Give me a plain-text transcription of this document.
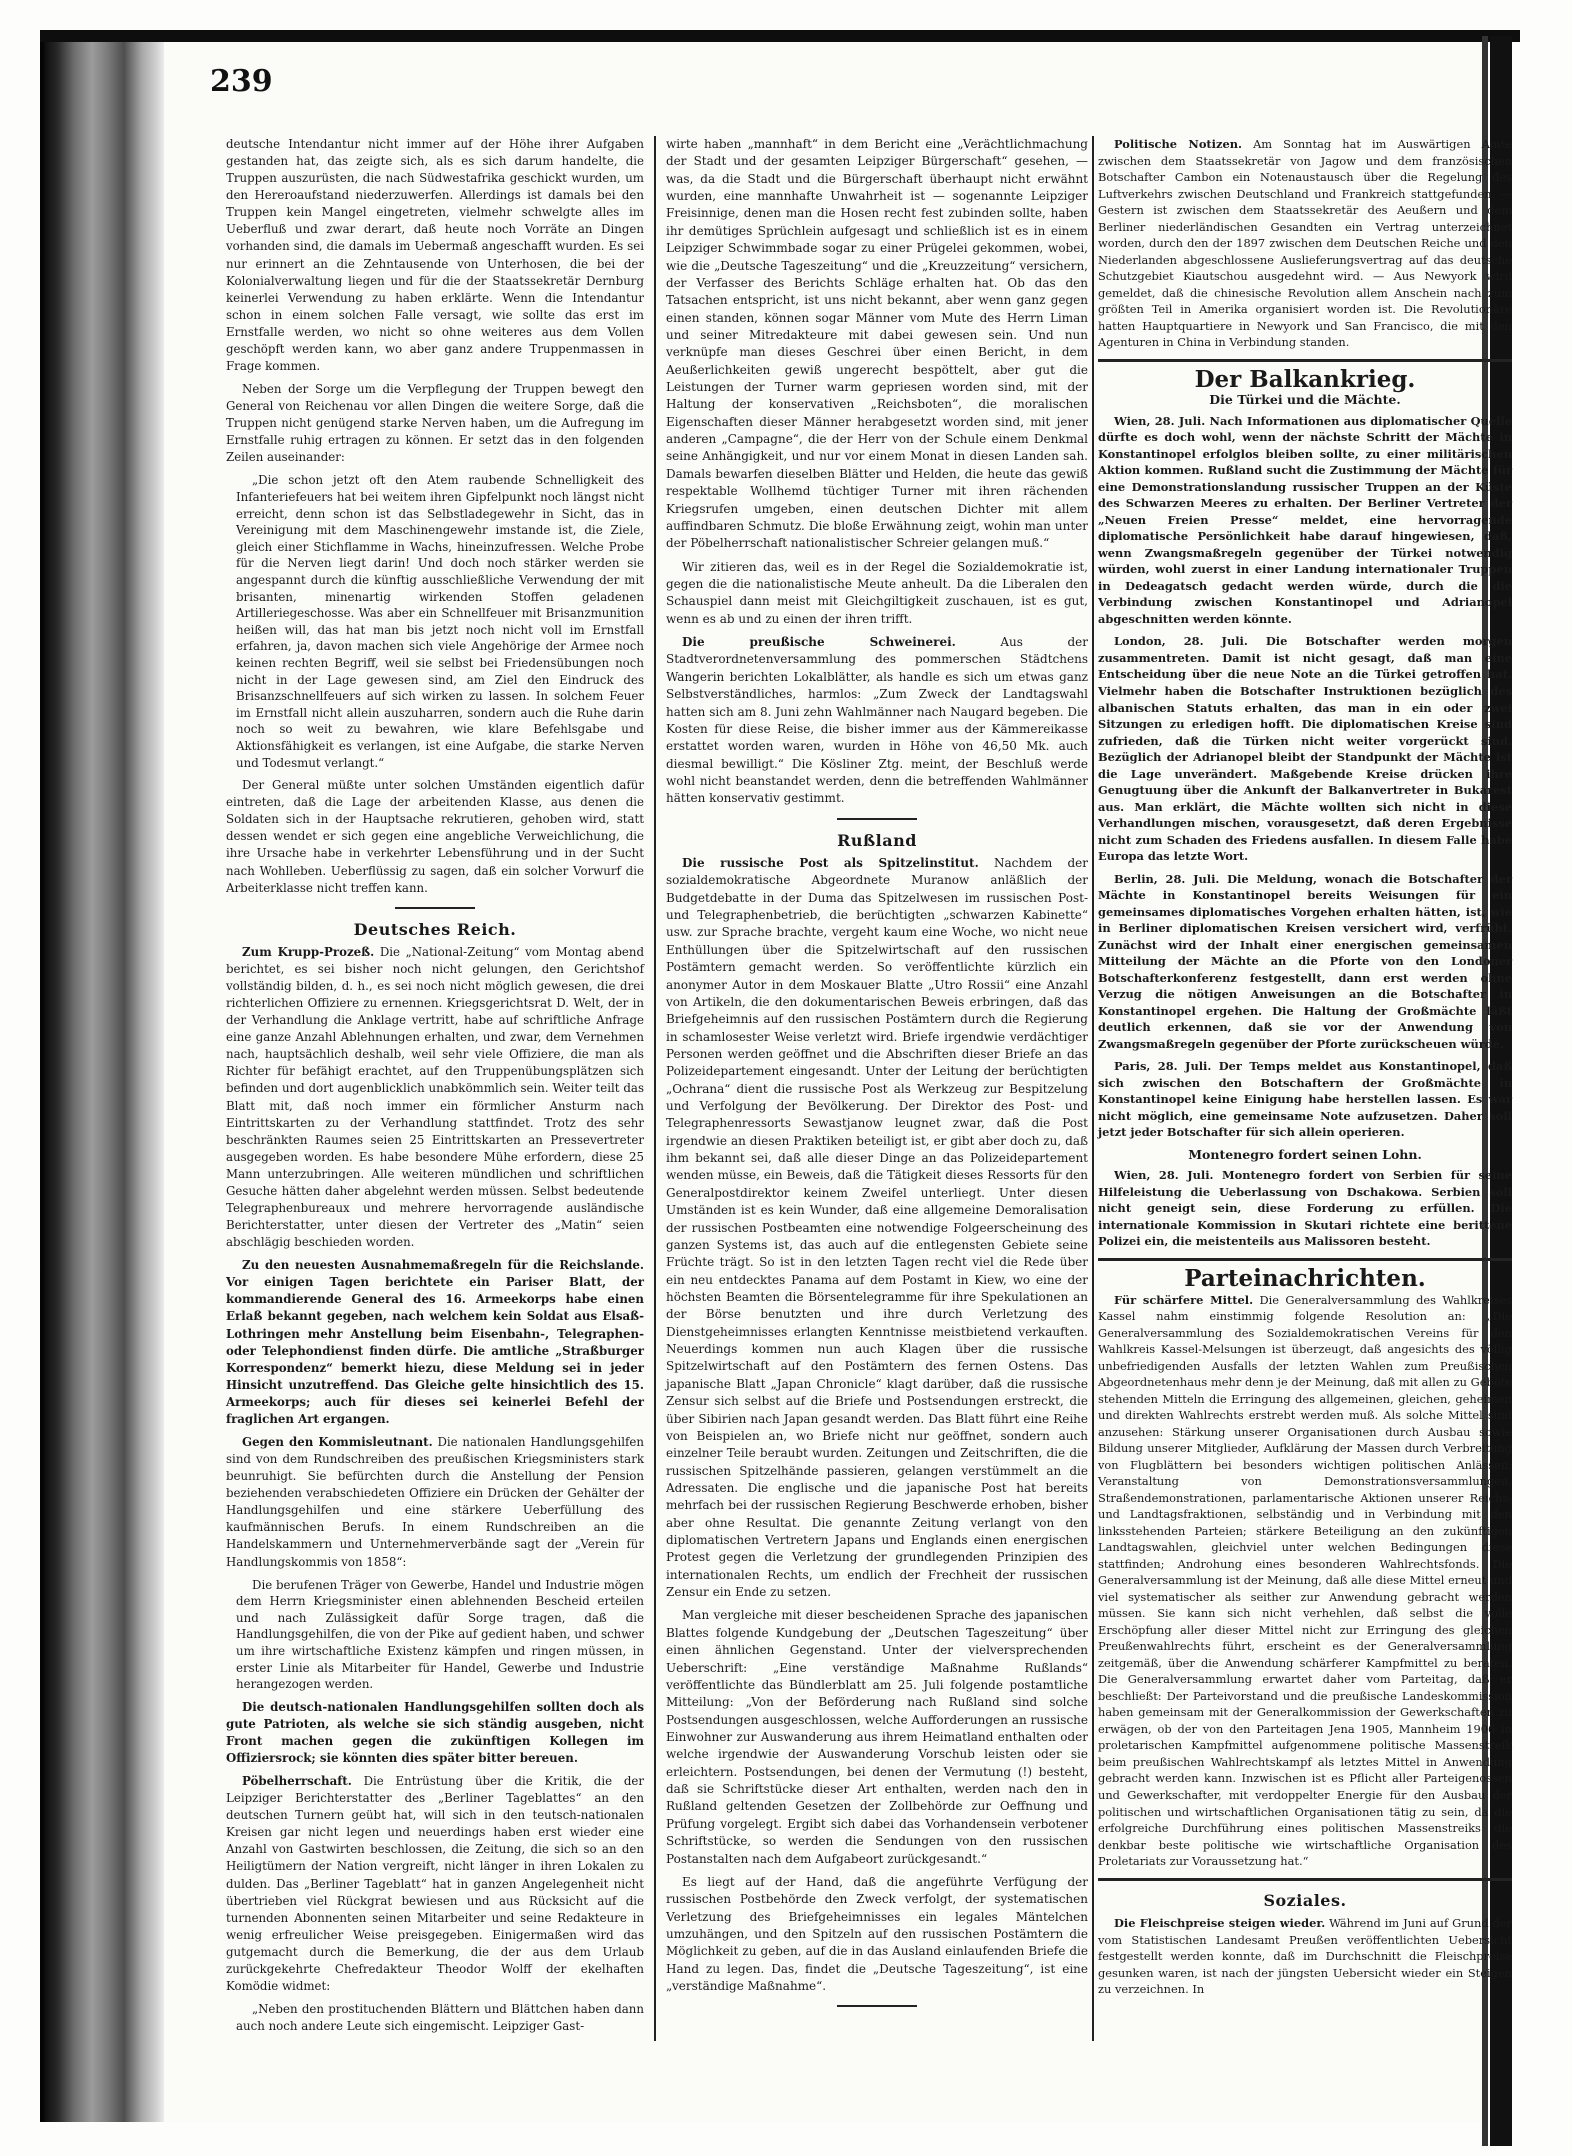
239

deutsche Intendantur nicht immer auf der Höhe ihrer Aufgaben gestanden hat, das zeigte sich, als es sich darum handelte, die Truppen auszurüsten, die nach Südwestafrika geschickt wurden, um den Hereroaufstand niederzuwerfen. Allerdings ist damals bei den Truppen kein Mangel eingetreten, vielmehr schwelgte alles im Ueberfluß und zwar derart, daß heute noch Vorräte an Dingen vorhanden sind, die damals im Uebermaß angeschafft wurden. Es sei nur erinnert an die Zehntausende von Unterhosen, die bei der Kolonialverwaltung liegen und für die der Staatssekretär Dernburg keinerlei Verwendung zu haben erklärte. Wenn die Intendantur schon in einem solchen Falle versagt, wie sollte das erst im Ernstfalle werden, wo nicht so ohne weiteres aus dem Vollen geschöpft werden kann, wo aber ganz andere Truppenmassen in Frage kommen.

Neben der Sorge um die Verpflegung der Truppen bewegt den General von Reichenau vor allen Dingen die weitere Sorge, daß die Truppen nicht genügend starke Nerven haben, um die Aufregung im Ernstfalle ruhig ertragen zu können. Er setzt das in den folgenden Zeilen auseinander:

„Die schon jetzt oft den Atem raubende Schnelligkeit des Infanteriefeuers hat bei weitem ihren Gipfelpunkt noch längst nicht erreicht, denn schon ist das Selbstladegewehr in Sicht, das in Vereinigung mit dem Maschinengewehr imstande ist, die Ziele, gleich einer Stichflamme in Wachs, hineinzufressen. Welche Probe für die Nerven liegt darin! Und doch noch stärker werden sie angespannt durch die künftig ausschließliche Verwendung der mit brisanten, minenartig wirkenden Stoffen geladenen Artilleriegeschosse. Was aber ein Schnellfeuer mit Brisanzmunition heißen will, das hat man bis jetzt noch nicht voll im Ernstfall erfahren, ja, davon machen sich viele Angehörige der Armee noch keinen rechten Begriff, weil sie selbst bei Friedensübungen noch nicht in der Lage gewesen sind, am Ziel den Eindruck des Brisanzschnellfeuers auf sich wirken zu lassen. In solchem Feuer im Ernstfall nicht allein auszuharren, sondern auch die Ruhe darin noch so weit zu bewahren, wie klare Befehlsgabe und Aktionsfähigkeit es verlangen, ist eine Aufgabe, die starke Nerven und Todesmut verlangt.“

Der General müßte unter solchen Umständen eigentlich dafür eintreten, daß die Lage der arbeitenden Klasse, aus denen die Soldaten sich in der Hauptsache rekrutieren, gehoben wird, statt dessen wendet er sich gegen eine angebliche Verweichlichung, die ihre Ursache habe in verkehrter Lebensführung und in der Sucht nach Wohlleben. Ueberflüssig zu sagen, daß ein solcher Vorwurf die Arbeiterklasse nicht treffen kann.

Deutsches Reich.

Zum Krupp-Prozeß. Die „National-Zeitung“ vom Montag abend berichtet, es sei bisher noch nicht gelungen, den Gerichtshof vollständig bilden, d. h., es sei noch nicht möglich gewesen, die drei richterlichen Offiziere zu ernennen. Kriegsgerichtsrat D. Welt, der in der Verhandlung die Anklage vertritt, habe auf schriftliche Anfrage eine ganze Anzahl Ablehnungen erhalten, und zwar, dem Vernehmen nach, hauptsächlich deshalb, weil sehr viele Offiziere, die man als Richter für befähigt erachtet, auf den Truppenübungsplätzen sich befinden und dort augenblicklich unabkömmlich sein. Weiter teilt das Blatt mit, daß noch immer ein förmlicher Ansturm nach Eintrittskarten zu der Verhandlung stattfindet. Trotz des sehr beschränkten Raumes seien 25 Eintrittskarten an Pressevertreter ausgegeben worden. Es habe besondere Mühe erfordern, diese 25 Mann unterzubringen. Alle weiteren mündlichen und schriftlichen Gesuche hätten daher abgelehnt werden müssen. Selbst bedeutende Telegraphenbureaux und mehrere hervorragende ausländische Berichterstatter, unter diesen der Vertreter des „Matin“ seien abschlägig beschieden worden.

Zu den neuesten Ausnahmemaßregeln für die Reichslande. Vor einigen Tagen berichtete ein Pariser Blatt, der kommandierende General des 16. Armeekorps habe einen Erlaß bekannt gegeben, nach welchem kein Soldat aus Elsaß-Lothringen mehr Anstellung beim Eisenbahn-, Telegraphen- oder Telephondienst finden dürfe. Die amtliche „Straßburger Korrespondenz“ bemerkt hiezu, diese Meldung sei in jeder Hinsicht unzutreffend. Das Gleiche gelte hinsichtlich des 15. Armeekorps; auch für dieses sei keinerlei Befehl der fraglichen Art ergangen.

Gegen den Kommisleutnant. Die nationalen Handlungsgehilfen sind von dem Rundschreiben des preußischen Kriegsministers stark beunruhigt. Sie befürchten durch die Anstellung der Pension beziehenden verabschiedeten Offiziere ein Drücken der Gehälter der Handlungsgehilfen und eine stärkere Ueberfüllung des kaufmännischen Berufs. In einem Rundschreiben an die Handelskammern und Unternehmerverbände sagt der „Verein für Handlungskommis von 1858“:

Die berufenen Träger von Gewerbe, Handel und Industrie mögen dem Herrn Kriegsminister einen ablehnenden Bescheid erteilen und nach Zulässigkeit dafür Sorge tragen, daß die Handlungsgehilfen, die von der Pike auf gedient haben, und schwer um ihre wirtschaftliche Existenz kämpfen und ringen müssen, in erster Linie als Mitarbeiter für Handel, Gewerbe und Industrie herangezogen werden.

Die deutsch-nationalen Handlungsgehilfen sollten doch als gute Patrioten, als welche sie sich ständig ausgeben, nicht Front machen gegen die zukünftigen Kollegen im Offiziersrock; sie könnten dies später bitter bereuen.

Pöbelherrschaft. Die Entrüstung über die Kritik, die der Leipziger Berichterstatter des „Berliner Tageblattes“ an den deutschen Turnern geübt hat, will sich in den teutsch-nationalen Kreisen gar nicht legen und neuerdings haben erst wieder eine Anzahl von Gastwirten beschlossen, die Zeitung, die sich so an den Heiligtümern der Nation vergreift, nicht länger in ihren Lokalen zu dulden. Das „Berliner Tageblatt“ hat in ganzen Angelegenheit nicht übertrieben viel Rückgrat bewiesen und aus Rücksicht auf die turnenden Abonnenten seinen Mitarbeiter und seine Redakteure in wenig erfreulicher Weise preisgegeben. Einigermaßen wird das gutgemacht durch die Bemerkung, die der aus dem Urlaub zurückgekehrte Chefredakteur Theodor Wolff der ekelhaften Komödie widmet:

„Neben den prostituchenden Blättern und Blättchen haben dann auch noch andere Leute sich eingemischt. Leipziger Gast-

wirte haben „mannhaft“ in dem Bericht eine „Verächtlichmachung der Stadt und der gesamten Leipziger Bürgerschaft“ gesehen, — was, da die Stadt und die Bürgerschaft überhaupt nicht erwähnt wurden, eine mannhafte Unwahrheit ist — sogenannte Leipziger Freisinnige, denen man die Hosen recht fest zubinden sollte, haben ihr demütiges Sprüchlein aufgesagt und schließlich ist es in einem Leipziger Schwimmbade sogar zu einer Prügelei gekommen, wobei, wie die „Deutsche Tageszeitung“ und die „Kreuzzeitung“ versichern, der Verfasser des Berichts Schläge erhalten hat. Ob das den Tatsachen entspricht, ist uns nicht bekannt, aber wenn ganz gegen einen standen, können sogar Männer vom Mute des Herrn Liman und seiner Mitredakteure mit dabei gewesen sein. Und nun verknüpfe man dieses Geschrei über einen Bericht, in dem Aeußerlichkeiten gewiß ungerecht bespöttelt, aber gut die Leistungen der Turner warm gepriesen worden sind, mit der Haltung der konservativen „Reichsboten“, die moralischen Eigenschaften dieser Männer herabgesetzt worden sind, mit jener anderen „Campagne“, die der Herr von der Schule einem Denkmal seine Anhängigkeit, und nur vor einem Monat in diesen Landen sah. Damals bewarfen dieselben Blätter und Helden, die heute das gewiß respektable Wollhemd tüchtiger Turner mit ihren rächenden Kriegsrufen umgeben, einen deutschen Dichter mit allem auffindbaren Schmutz. Die bloße Erwähnung zeigt, wohin man unter der Pöbelherrschaft nationalistischer Schreier gelangen muß.“

Wir zitieren das, weil es in der Regel die Sozialdemokratie ist, gegen die die nationalistische Meute anheult. Da die Liberalen den Schauspiel dann meist mit Gleichgiltigkeit zuschauen, ist es gut, wenn es ab und zu einen der ihren trifft.

Die preußische Schweinerei.	Aus der Stadtverordnetenversammlung des pommerschen Städtchens Wangerin berichten Lokalblätter, als handle es sich um etwas ganz Selbstverständliches, harmlos: „Zum Zweck der Landtagswahl hatten sich am 8. Juni zehn Wahlmänner nach Naugard begeben. Die Kosten für diese Reise, die bisher immer aus der Kämmereikasse erstattet worden waren, wurden in Höhe von 46,50 Mk. auch diesmal bewilligt.“ Die Kösliner Ztg. meint, der Beschluß werde wohl nicht beanstandet werden, denn die betreffenden Wahlmänner hätten konservativ gestimmt.

Rußland

Die russische Post als Spitzelinstitut. Nachdem der sozialdemokratische Abgeordnete Muranow anläßlich der Budgetdebatte in der Duma das Spitzelwesen im russischen Post- und Telegraphenbetrieb, die berüchtigten „schwarzen Kabinette“ usw. zur Sprache brachte, vergeht kaum eine Woche, wo nicht neue Enthüllungen über die Spitzelwirtschaft auf den russischen Postämtern gemacht werden. So veröffentlichte kürzlich ein anonymer Autor in dem Moskauer Blatte „Utro Rossii“ eine Anzahl von Artikeln, die den dokumentarischen Beweis erbringen, daß das Briefgeheimnis auf den russischen Postämtern durch die Regierung in schamlosester Weise verletzt wird. Briefe irgendwie verdächtiger Personen werden geöffnet und die Abschriften dieser Briefe an das Polizeidepartement eingesandt. Unter der Leitung der berüchtigten „Ochrana“ dient die russische Post als Werkzeug zur Bespitzelung und Verfolgung der Bevölkerung. Der Direktor des Post- und Telegraphenressorts Sewastjanow leugnet zwar, daß die Post irgendwie an diesen Praktiken beteiligt ist, er gibt aber doch zu, daß ihm bekannt sei, daß alle dieser Dinge an das Polizeidepartement wenden müsse, ein Beweis, daß die Tätigkeit dieses Ressorts für den Generalpostdirektor keinem Zweifel unterliegt. Unter diesen Umständen ist es kein Wunder, daß eine allgemeine Demoralisation der russischen Postbeamten eine notwendige Folgeerscheinung des ganzen Systems ist, das auch auf die entlegensten Gebiete seine Früchte trägt. So ist in den letzten Tagen recht viel die Rede über ein neu entdecktes Panama auf dem Postamt in Kiew, wo eine der höchsten Beamten die Börsentelegramme für ihre Spekulationen an der Börse benutzten und ihre durch Verletzung des Dienstgeheimnisses erlangten Kenntnisse meistbietend verkauften. Neuerdings kommen nun auch Klagen über die russische Spitzelwirtschaft auf den Postämtern des fernen Ostens. Das japanische Blatt „Japan Chronicle“ klagt darüber, daß die russische Zensur sich selbst auf die Briefe und Postsendungen erstreckt, die über Sibirien nach Japan gesandt werden. Das Blatt führt eine Reihe von Beispielen an, wo Briefe nicht nur geöffnet, sondern auch einzelner Teile beraubt wurden. Zeitungen und Zeitschriften, die die russischen Spitzelhände passieren, gelangen verstümmelt an die Adressaten. Die englische und die japanische Post hat bereits mehrfach bei der russischen Regierung Beschwerde erhoben, bisher aber ohne Resultat. Die genannte Zeitung verlangt von den diplomatischen Vertretern Japans und Englands einen energischen Protest gegen die Verletzung der grundlegenden Prinzipien des internationalen Rechts, um endlich der Frechheit der russischen Zensur ein Ende zu setzen.

Man vergleiche mit dieser bescheidenen Sprache des japanischen Blattes folgende Kundgebung der „Deutschen Tageszeitung“ über einen ähnlichen Gegenstand. Unter der vielversprechenden Ueberschrift: „Eine verständige Maßnahme Rußlands“ veröffentlichte das Bündlerblatt am 25. Juli folgende postamtliche Mitteilung: „Von der Beförderung nach Rußland sind solche Postsendungen ausgeschlossen, welche Aufforderungen an russische Einwohner zur Auswanderung aus ihrem Heimatland enthalten oder welche irgendwie der Auswanderung Vorschub leisten oder sie erleichtern. Postsendungen, bei denen der Vermutung (!) besteht, daß sie Schriftstücke dieser Art enthalten, werden nach den in Rußland geltenden Gesetzen der Zollbehörde zur Oeffnung und Prüfung vorgelegt. Ergibt sich dabei das Vorhandensein verbotener Schriftstücke, so werden die Sendungen von den russischen Postanstalten nach dem Aufgabeort zurückgesandt.“

Es liegt auf der Hand, daß die angeführte Verfügung der russischen Postbehörde den Zweck verfolgt, der systematischen Verletzung des Briefgeheimnisses ein legales Mäntelchen umzuhängen, und den Spitzeln auf den russischen Postämtern die Möglichkeit zu geben, auf die in das Ausland einlaufenden Briefe die Hand zu legen. Das, findet die „Deutsche Tageszeitung“, ist eine „verständige Maßnahme“.

Politische Notizen. Am Sonntag hat im Auswärtigen Amte zwischen dem Staatssekretär von Jagow und dem französischen Botschafter Cambon ein Notenaustausch über die Regelung des Luftverkehrs zwischen Deutschland und Frankreich stattgefunden. — Gestern ist zwischen dem Staatssekretär des Aeußern und dem Berliner niederländischen Gesandten ein Vertrag unterzeichnet worden, durch den der 1897 zwischen dem Deutschen Reiche und den Niederlanden abgeschlossene Auslieferungsvertrag auf das deutsche Schutzgebiet Kiautschou ausgedehnt wird. — Aus Newyork wird gemeldet, daß die chinesische Revolution allem Anschein nach zum größten Teil in Amerika organisiert worden ist. Die Revolutionäre hatten Hauptquartiere in Newyork und San Francisco, die mit den Agenturen in China in Verbindung standen.

Der Balkankrieg.
Die Türkei und die Mächte.

Wien, 28. Juli. Nach Informationen aus diplomatischer Quelle dürfte es doch wohl, wenn der nächste Schritt der Mächte in Konstantinopel erfolglos bleiben sollte, zu einer militärischen Aktion kommen. Rußland sucht die Zustimmung der Mächte für eine Demonstrationslandung russischer Truppen an der Küste des Schwarzen Meeres zu erhalten. Der Berliner Vertreter der „Neuen Freien Presse“ meldet, eine hervorragende diplomatische Persönlichkeit habe darauf hingewiesen, daß, wenn Zwangsmaßregeln gegenüber der Türkei notwendig würden, wohl zuerst in einer Landung internationaler Truppen in Dedeagatsch gedacht werden würde, durch die die Verbindung zwischen Konstantinopel und Adrianopel abgeschnitten werden könnte.

London, 28. Juli. Die Botschafter werden morgen zusammentreten. Damit ist nicht gesagt, daß man eine Entscheidung über die neue Note an die Türkei getroffen hat. Vielmehr haben die Botschafter Instruktionen bezüglich des albanischen Statuts erhalten, das man in ein oder zwei Sitzungen zu erledigen hofft. Die diplomatischen Kreise sind zufrieden, daß die Türken nicht weiter vorgerückt sind. Bezüglich der Adrianopel bleibt der Standpunkt der Mächte ist die Lage unverändert. Maßgebende Kreise drücken ihre Genugtuung über die Ankunft der Balkanvertreter in Bukarest aus. Man erklärt, die Mächte wollten sich nicht in diese Verhandlungen mischen, vorausgesetzt, daß deren Ergebnisse nicht zum Schaden des Friedens ausfallen. In diesem Falle habe Europa das letzte Wort.

Berlin, 28. Juli. Die Meldung, wonach die Botschafter der Mächte in Konstantinopel bereits Weisungen für ein gemeinsames diplomatisches Vorgehen erhalten hätten, ist, wie in Berliner diplomatischen Kreisen versichert wird, verfrüht. Zunächst wird der Inhalt einer energischen gemeinsamen Mitteilung der Mächte an die Pforte von den Londoner Botschafterkonferenz festgestellt, dann erst werden ohne Verzug die nötigen Anweisungen an die Botschafter in Konstantinopel ergehen. Die Haltung der Großmächte läßt deutlich erkennen, daß sie vor der Anwendung von Zwangsmaßregeln gegenüber der Pforte zurückscheuen würde.

Paris, 28. Juli. Der Temps meldet aus Konstantinopel, daß sich zwischen den Botschaftern der Großmächte in Konstantinopel keine Einigung habe herstellen lassen. Es war nicht möglich, eine gemeinsame Note aufzusetzen. Daher soll jetzt jeder Botschafter für sich allein operieren.

Montenegro fordert seinen Lohn.

Wien, 28. Juli. Montenegro fordert von Serbien für seine Hilfeleistung die Ueberlassung von Dschakowa. Serbien soll nicht geneigt sein, diese Forderung zu erfüllen. Die internationale Kommission in Skutari richtete eine berittene Polizei ein, die meistenteils aus Malissoren besteht.

Parteinachrichten.

Für schärfere Mittel. Die Generalversammlung des Wahlkreises Kassel nahm einstimmig folgende Resolution an: „Die Generalversammlung des Sozialdemokratischen Vereins für den Wahlkreis Kassel-Melsungen ist überzeugt, daß angesichts des völlig unbefriedigenden Ausfalls der letzten Wahlen zum Preußischen Abgeordnetenhaus mehr denn je der Meinung, daß mit allen zu Gebote stehenden Mitteln die Erringung des allgemeinen, gleichen, geheimen und direkten Wahlrechts erstrebt werden muß. Als solche Mittel sind anzusehen: Stärkung unserer Organisationen durch Ausbau sowie Bildung unserer Mitglieder, Aufklärung der Massen durch Verbreitung von Flugblättern bei besonders wichtigen politischen Anlässen; Veranstaltung von Demonstrationsversammlungen, Straßendemonstrationen, parlamentarische Aktionen unserer Reichs- und Landtagsfraktionen, selbständig und in Verbindung mit den linksstehenden Parteien; stärkere Beteiligung an den zukünftigen Landtagswahlen, gleichviel unter welchen Bedingungen diese stattfinden; Androhung eines besonderen Wahlrechtsfonds. Die Generalversammlung ist der Meinung, daß alle diese Mittel erneut und viel systematischer als seither zur Anwendung gebracht werden müssen. Sie kann sich nicht verhehlen, daß selbst die volle Erschöpfung aller dieser Mittel nicht zur Erringung des gleichen Preußenwahlrechts führt, erscheint es der Generalversammlung zeitgemäß, über die Anwendung schärferer Kampfmittel zu beraten. Die Generalversammlung erwartet daher vom Parteitag, daß er beschließt: Der Parteivorstand und die preußische Landeskommission haben gemeinsam mit der Generalkommission der Gewerkschaften zu erwägen, ob der von den Parteitagen Jena 1905, Mannheim 1906 in proletarischen Kampfmittel aufgenommene politische Massenstreik beim preußischen Wahlrechtskampf als letztes Mittel in Anwendung gebracht werden kann. Inzwischen ist es Pflicht aller Parteigenossen und Gewerkschafter, mit verdoppelter Energie für den Ausbau der politischen und wirtschaftlichen Organisationen tätig zu sein, da die erfolgreiche Durchführung eines politischen Massenstreiks die denkbar beste politische wie wirtschaftliche Organisation des Proletariats zur Voraussetzung hat.“

Soziales.

Die Fleischpreise steigen wieder. Während im Juni auf Grund der vom Statistischen Landesamt Preußen veröffentlichten Uebersicht festgestellt werden konnte, daß im Durchschnitt die Fleischpreise gesunken waren, ist nach der jüngsten Uebersicht wieder ein Steigen zu verzeichnen. In
